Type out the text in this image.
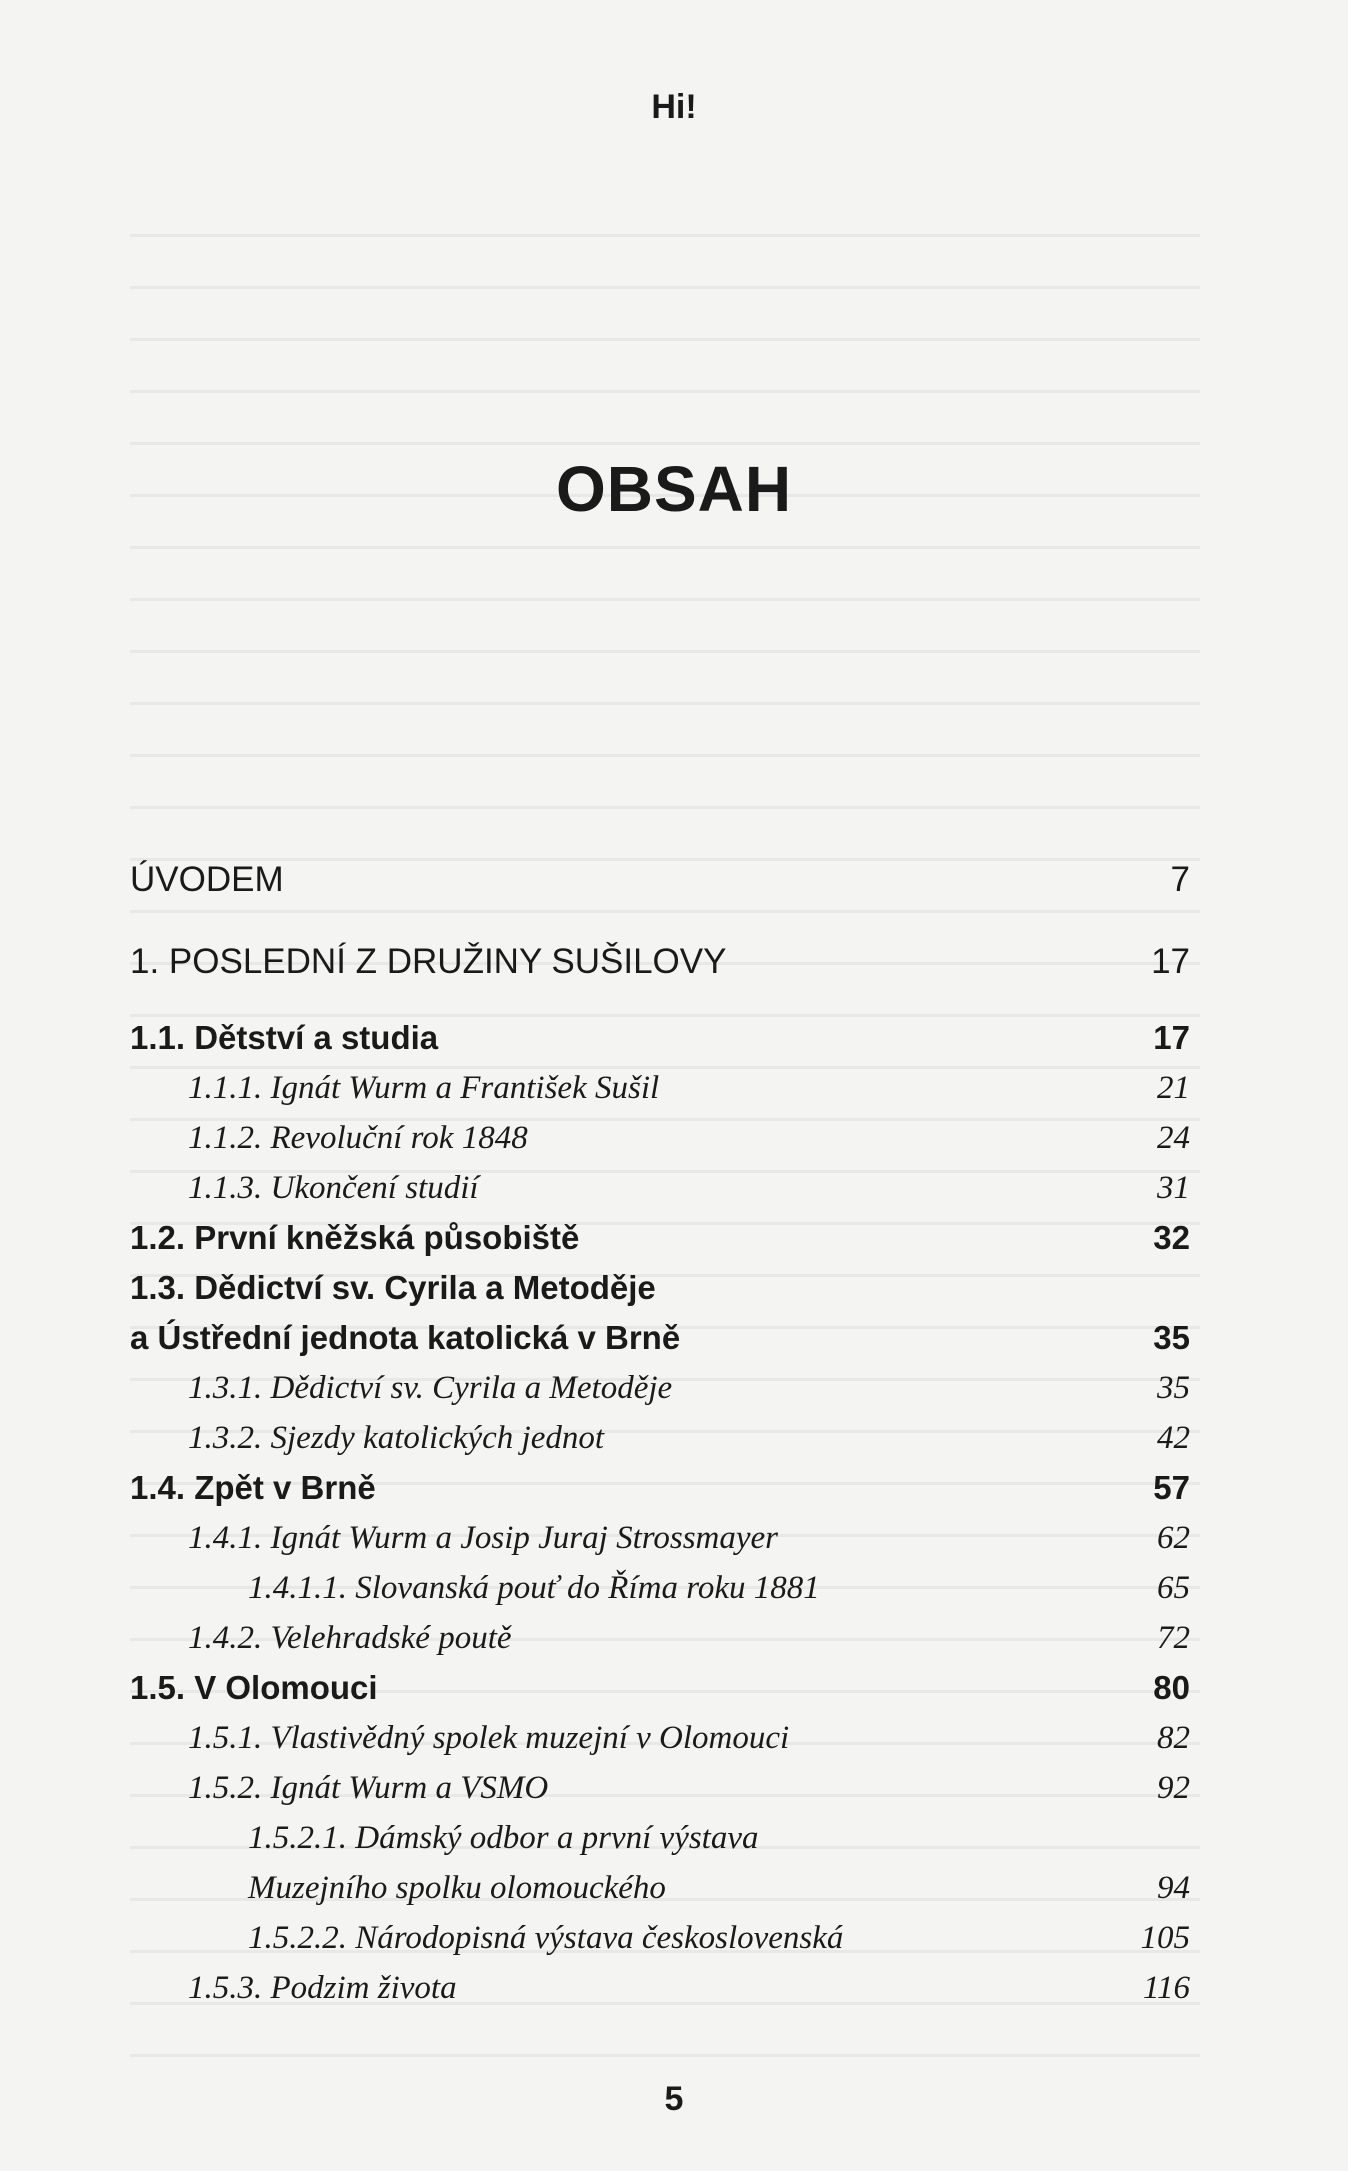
Hi!
OBSAH
ÚVODEM	7
1. POSLEDNÍ Z DRUŽINY SUŠILOVY	17
1.1. Dětství a studia	17
1.1.1. Ignát Wurm a František Sušil	21
1.1.2. Revoluční rok 1848	24
1.1.3. Ukončení studií	31
1.2. První kněžská působiště	32
1.3. Dědictví sv. Cyrila a Metoděje
a Ústřední jednota katolická v Brně	35
1.3.1. Dědictví sv. Cyrila a Metoděje	35
1.3.2. Sjezdy katolických jednot	42
1.4. Zpět v Brně	57
1.4.1. Ignát Wurm a Josip Juraj Strossmayer	62
1.4.1.1. Slovanská pouť do Říma roku 1881	65
1.4.2. Velehradské poutě	72
1.5. V Olomouci	80
1.5.1. Vlastivědný spolek muzejní v Olomouci	82
1.5.2. Ignát Wurm a VSMO	92
1.5.2.1. Dámský odbor a první výstava
Muzejního spolku olomouckého	94
1.5.2.2. Národopisná výstava československá	105
1.5.3. Podzim života	116
5
